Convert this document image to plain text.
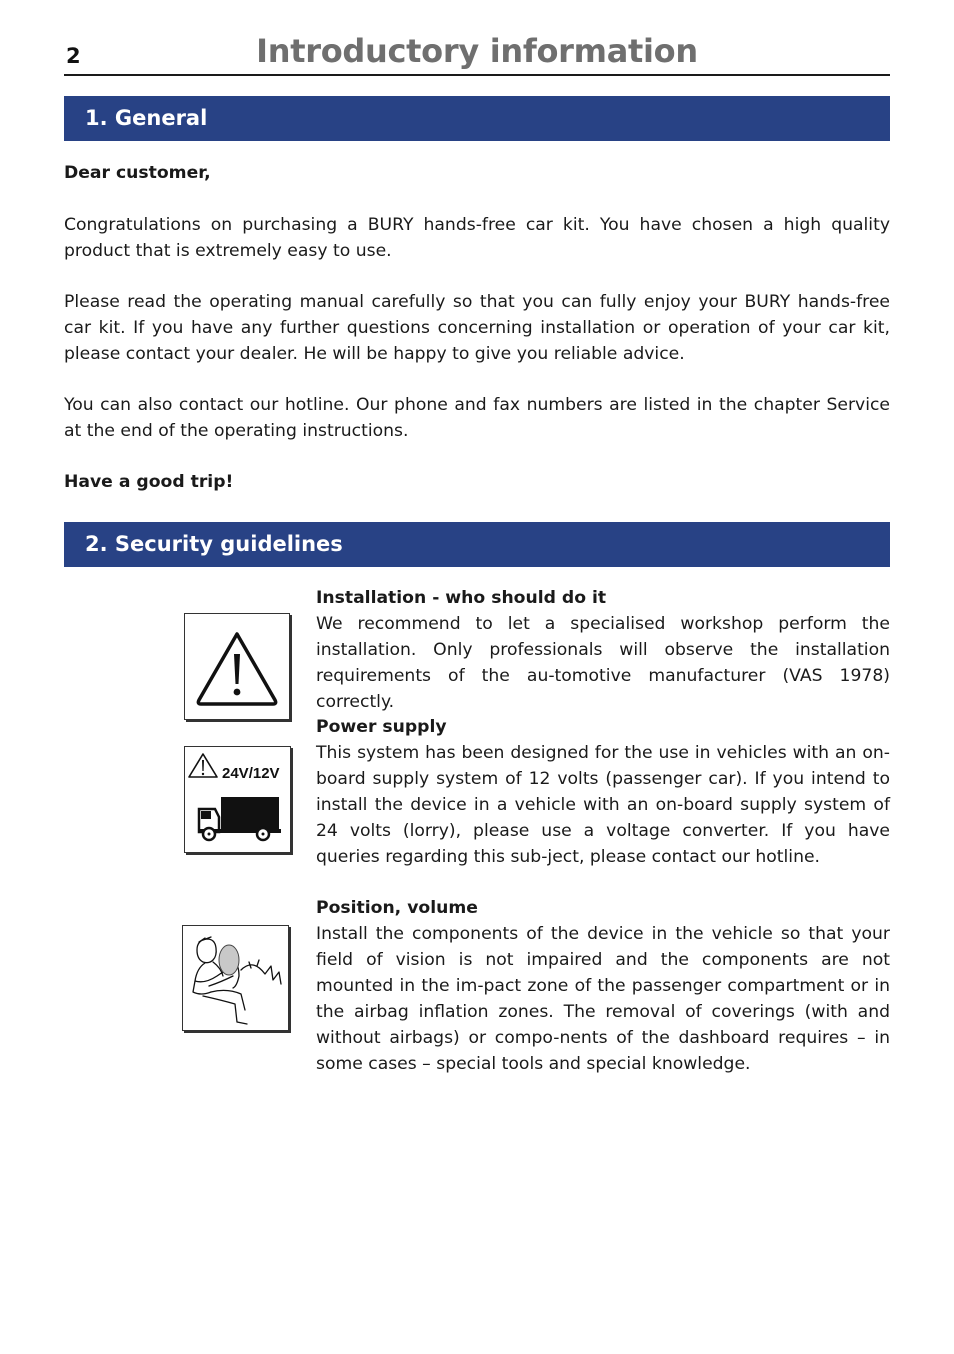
2	Introductory information
1. General

Dear customer,

Congratulations on purchasing a BURY hands-free car kit. You have chosen a high quality product that is extremely easy to use.

Please read the operating manual carefully so that you can fully enjoy your BURY hands-free car kit. If you have any further questions concerning installation or operation of your car kit, please contact your dealer. He will be happy to give you reliable advice.

You can also contact our hotline. Our phone and fax numbers are listed in the chapter Service at the end of the operating instructions.

Have a good trip!

2. Security guidelines

Installation - who should do it

We recommend to let a specialised workshop perform the installation. Only professionals will observe the installation requirements of the au-tomotive manufacturer (VAS 1978) correctly.

Power supply

This system has been designed for the use in vehicles with an on-board supply system of 12 volts (passenger car). If you intend to install the device in a vehicle with an on-board supply system of 24 volts (lorry), please use a voltage converter. If you have queries regarding this sub-ject, please contact our hotline.

24V/12V

Position, volume

Install the components of the device in the vehicle so that your field of vision is not impaired and the components are not mounted in the im-pact zone of the passenger compartment or in the airbag inflation zones. The removal of coverings (with and without airbags) or compo-nents of the dashboard requires – in some cases – special tools and special knowledge.
